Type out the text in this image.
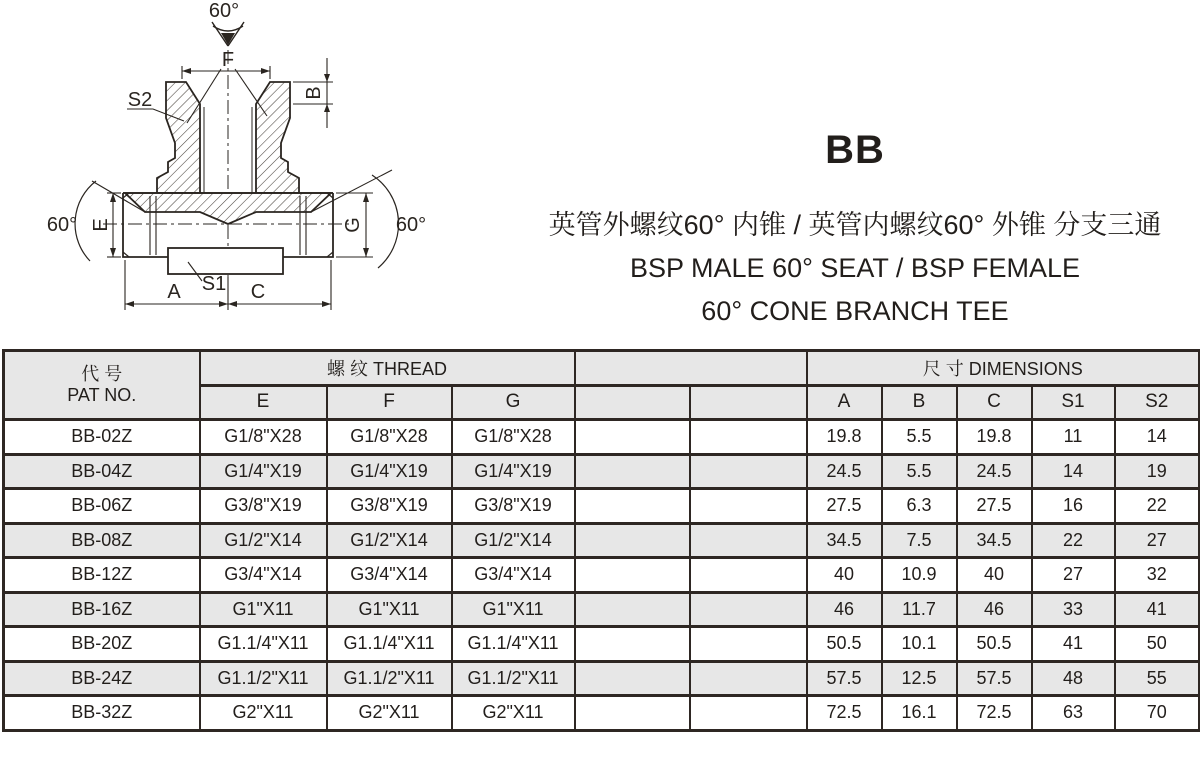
60°
F
B
S2
E	G
60°	60°
A S1 C
BB
英管外螺纹60° 内锥 / 英管内螺纹60° 外锥 分支三通
BSP MALE 60° SEAT / BSP FEMALE
60° CONE BRANCH TEE
代 号
PAT NO.	螺 纹 THREAD					尺 寸 DIMENSIONS				
	E	F	G			A	B	C	S1	S2
BB-02Z	G1/8"X28	G1/8"X28	G1/8"X28			19.8	5.5	19.8	11	14
BB-04Z	G1/4"X19	G1/4"X19	G1/4"X19			24.5	5.5	24.5	14	19
BB-06Z	G3/8"X19	G3/8"X19	G3/8"X19			27.5	6.3	27.5	16	22
BB-08Z	G1/2"X14	G1/2"X14	G1/2"X14			34.5	7.5	34.5	22	27
BB-12Z	G3/4"X14	G3/4"X14	G3/4"X14			40	10.9	40	27	32
BB-16Z	G1"X11	G1"X11	G1"X11			46	11.7	46	33	41
BB-20Z	G1.1/4"X11	G1.1/4"X11	G1.1/4"X11			50.5	10.1	50.5	41	50
BB-24Z	G1.1/2"X11	G1.1/2"X11	G1.1/2"X11			57.5	12.5	57.5	48	55
BB-32Z	G2"X11	G2"X11	G2"X11			72.5	16.1	72.5	63	70
